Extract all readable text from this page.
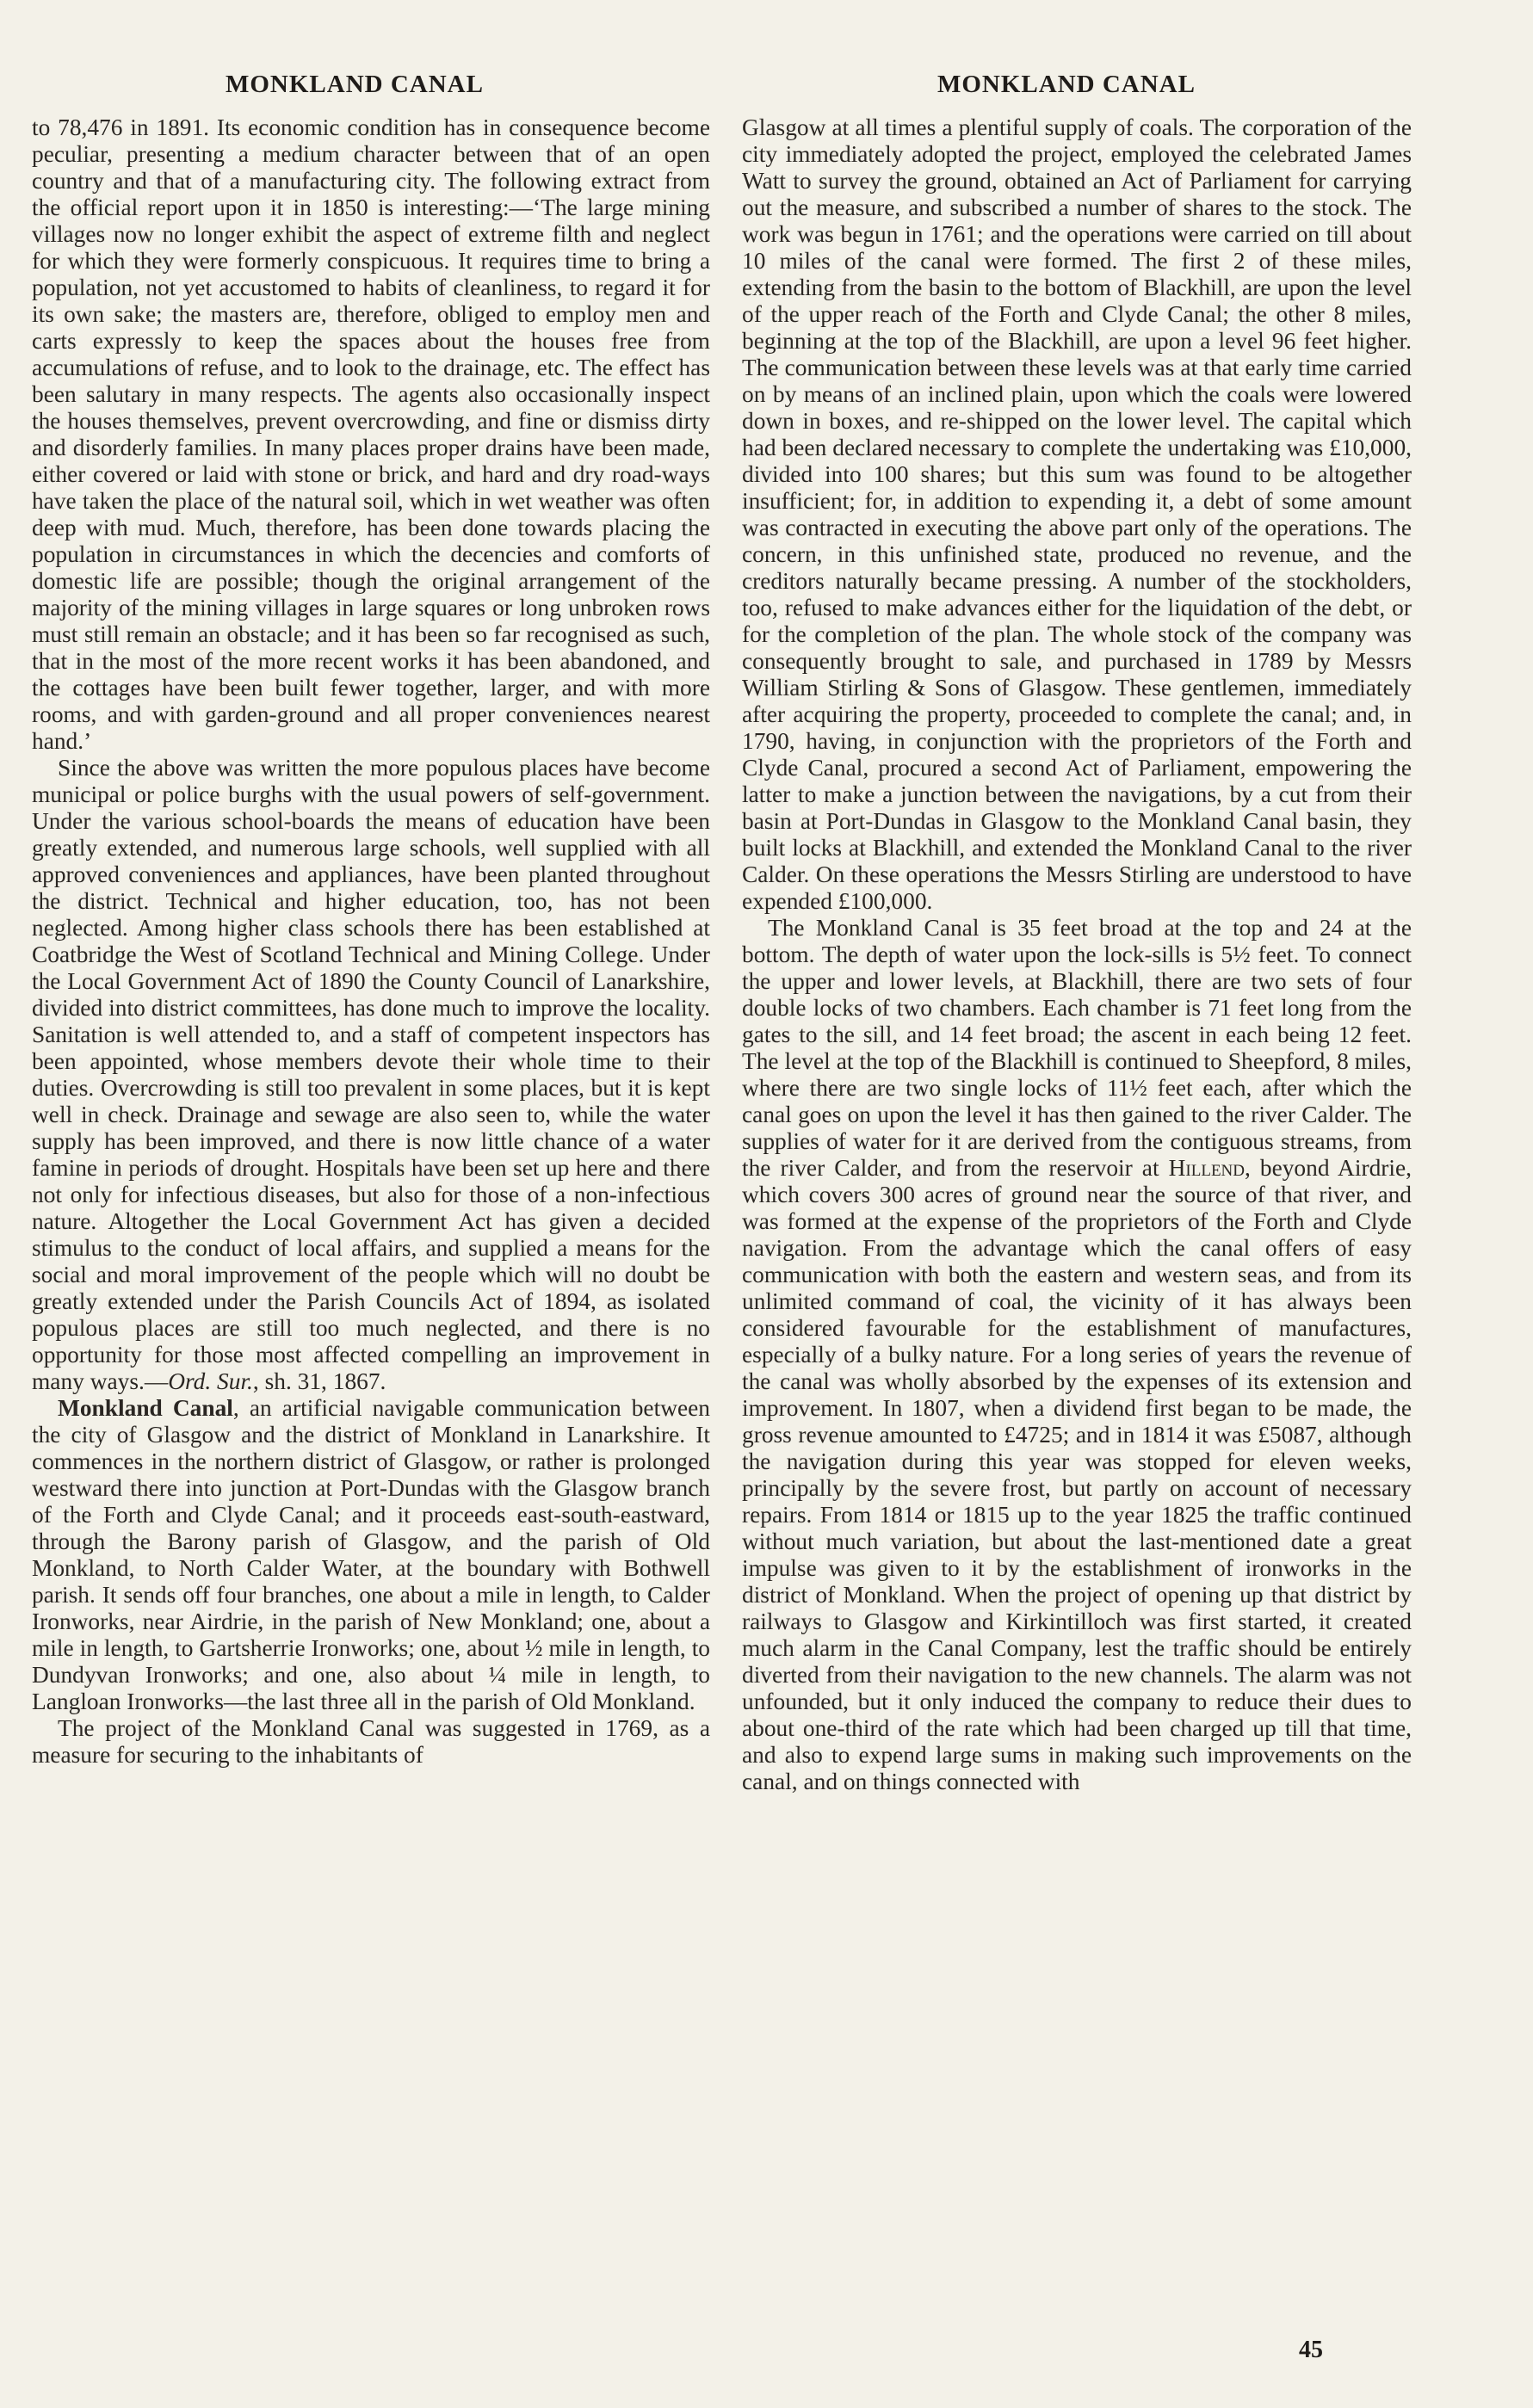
MONKLAND CANAL	MONKLAND CANAL

to 78,476 in 1891. Its economic condition has in consequence become peculiar, presenting a medium character between that of an open country and that of a manufacturing city. The following extract from the official report upon it in 1850 is interesting:—‘The large mining villages now no longer exhibit the aspect of extreme filth and neglect for which they were formerly conspicuous. It requires time to bring a population, not yet accustomed to habits of cleanliness, to regard it for its own sake; the masters are, therefore, obliged to employ men and carts expressly to keep the spaces about the houses free from accumulations of refuse, and to look to the drainage, etc. The effect has been salutary in many respects. The agents also occasionally inspect the houses themselves, prevent overcrowding, and fine or dismiss dirty and disorderly families. In many places proper drains have been made, either covered or laid with stone or brick, and hard and dry road-ways have taken the place of the natural soil, which in wet weather was often deep with mud. Much, therefore, has been done towards placing the population in circumstances in which the decencies and comforts of domestic life are possible; though the original arrangement of the majority of the mining villages in large squares or long unbroken rows must still remain an obstacle; and it has been so far recognised as such, that in the most of the more recent works it has been abandoned, and the cottages have been built fewer together, larger, and with more rooms, and with garden-ground and all proper conveniences nearest hand.’

Since the above was written the more populous places have become municipal or police burghs with the usual powers of self-government. Under the various school-boards the means of education have been greatly extended, and numerous large schools, well supplied with all approved conveniences and appliances, have been planted throughout the district. Technical and higher education, too, has not been neglected. Among higher class schools there has been established at Coatbridge the West of Scotland Technical and Mining College. Under the Local Government Act of 1890 the County Council of Lanarkshire, divided into district committees, has done much to improve the locality. Sanitation is well attended to, and a staff of competent inspectors has been appointed, whose members devote their whole time to their duties. Overcrowding is still too prevalent in some places, but it is kept well in check. Drainage and sewage are also seen to, while the water supply has been improved, and there is now little chance of a water famine in periods of drought. Hospitals have been set up here and there not only for infectious diseases, but also for those of a non-infectious nature. Altogether the Local Government Act has given a decided stimulus to the conduct of local affairs, and supplied a means for the social and moral improvement of the people which will no doubt be greatly extended under the Parish Councils Act of 1894, as isolated populous places are still too much neglected, and there is no opportunity for those most affected compelling an improvement in many ways.—Ord. Sur., sh. 31, 1867.

Monkland Canal, an artificial navigable communication between the city of Glasgow and the district of Monkland in Lanarkshire. It commences in the northern district of Glasgow, or rather is prolonged westward there into junction at Port-Dundas with the Glasgow branch of the Forth and Clyde Canal; and it proceeds east-south-eastward, through the Barony parish of Glasgow, and the parish of Old Monkland, to North Calder Water, at the boundary with Bothwell parish. It sends off four branches, one about a mile in length, to Calder Ironworks, near Airdrie, in the parish of New Monkland; one, about a mile in length, to Gartsherrie Ironworks; one, about ½ mile in length, to Dundyvan Ironworks; and one, also about ¼ mile in length, to Langloan Ironworks—the last three all in the parish of Old Monkland.

The project of the Monkland Canal was suggested in 1769, as a measure for securing to the inhabitants of

Glasgow at all times a plentiful supply of coals. The corporation of the city immediately adopted the project, employed the celebrated James Watt to survey the ground, obtained an Act of Parliament for carrying out the measure, and subscribed a number of shares to the stock. The work was begun in 1761; and the operations were carried on till about 10 miles of the canal were formed. The first 2 of these miles, extending from the basin to the bottom of Blackhill, are upon the level of the upper reach of the Forth and Clyde Canal; the other 8 miles, beginning at the top of the Blackhill, are upon a level 96 feet higher. The communication between these levels was at that early time carried on by means of an inclined plain, upon which the coals were lowered down in boxes, and re-shipped on the lower level. The capital which had been declared necessary to complete the undertaking was £10,000, divided into 100 shares; but this sum was found to be altogether insufficient; for, in addition to expending it, a debt of some amount was contracted in executing the above part only of the operations. The concern, in this unfinished state, produced no revenue, and the creditors naturally became pressing. A number of the stockholders, too, refused to make advances either for the liquidation of the debt, or for the completion of the plan. The whole stock of the company was consequently brought to sale, and purchased in 1789 by Messrs William Stirling & Sons of Glasgow. These gentlemen, immediately after acquiring the property, proceeded to complete the canal; and, in 1790, having, in conjunction with the proprietors of the Forth and Clyde Canal, procured a second Act of Parliament, empowering the latter to make a junction between the navigations, by a cut from their basin at Port-Dundas in Glasgow to the Monkland Canal basin, they built locks at Blackhill, and extended the Monkland Canal to the river Calder. On these operations the Messrs Stirling are understood to have expended £100,000.

The Monkland Canal is 35 feet broad at the top and 24 at the bottom. The depth of water upon the lock-sills is 5½ feet. To connect the upper and lower levels, at Blackhill, there are two sets of four double locks of two chambers. Each chamber is 71 feet long from the gates to the sill, and 14 feet broad; the ascent in each being 12 feet. The level at the top of the Blackhill is continued to Sheepford, 8 miles, where there are two single locks of 11½ feet each, after which the canal goes on upon the level it has then gained to the river Calder. The supplies of water for it are derived from the contiguous streams, from the river Calder, and from the reservoir at Hillend, beyond Airdrie, which covers 300 acres of ground near the source of that river, and was formed at the expense of the proprietors of the Forth and Clyde navigation. From the advantage which the canal offers of easy communication with both the eastern and western seas, and from its unlimited command of coal, the vicinity of it has always been considered favourable for the establishment of manufactures, especially of a bulky nature. For a long series of years the revenue of the canal was wholly absorbed by the expenses of its extension and improvement. In 1807, when a dividend first began to be made, the gross revenue amounted to £4725; and in 1814 it was £5087, although the navigation during this year was stopped for eleven weeks, principally by the severe frost, but partly on account of necessary repairs. From 1814 or 1815 up to the year 1825 the traffic continued without much variation, but about the last-mentioned date a great impulse was given to it by the establishment of ironworks in the district of Monkland. When the project of opening up that district by railways to Glasgow and Kirkintilloch was first started, it created much alarm in the Canal Company, lest the traffic should be entirely diverted from their navigation to the new channels. The alarm was not unfounded, but it only induced the company to reduce their dues to about one-third of the rate which had been charged up till that time, and also to expend large sums in making such improvements on the canal, and on things connected with

45
